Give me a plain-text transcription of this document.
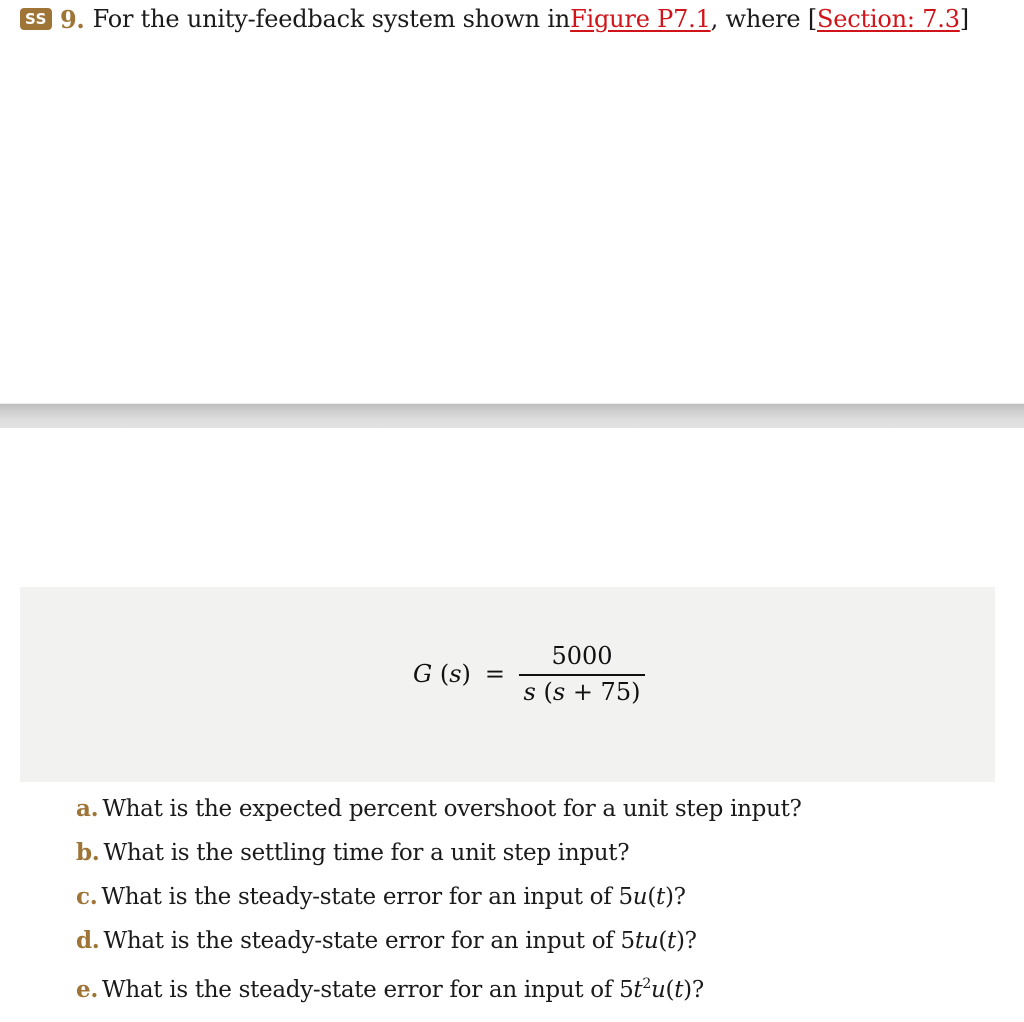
SS 9. For the unity-feedback system shown in Figure P7.1 , where [ Section: 7.3 ]
G $(s) = \frac{5000}{s (s + 75)}$
a. What is the expected percent overshoot for a unit step input?
b. What is the settling time for a unit step input?
c. What is the steady-state error for an input of 5u(t)?
d. What is the steady-state error for an input of 5tu(t)?
e. What is the steady-state error for an input of $5t^2u(t)$?
